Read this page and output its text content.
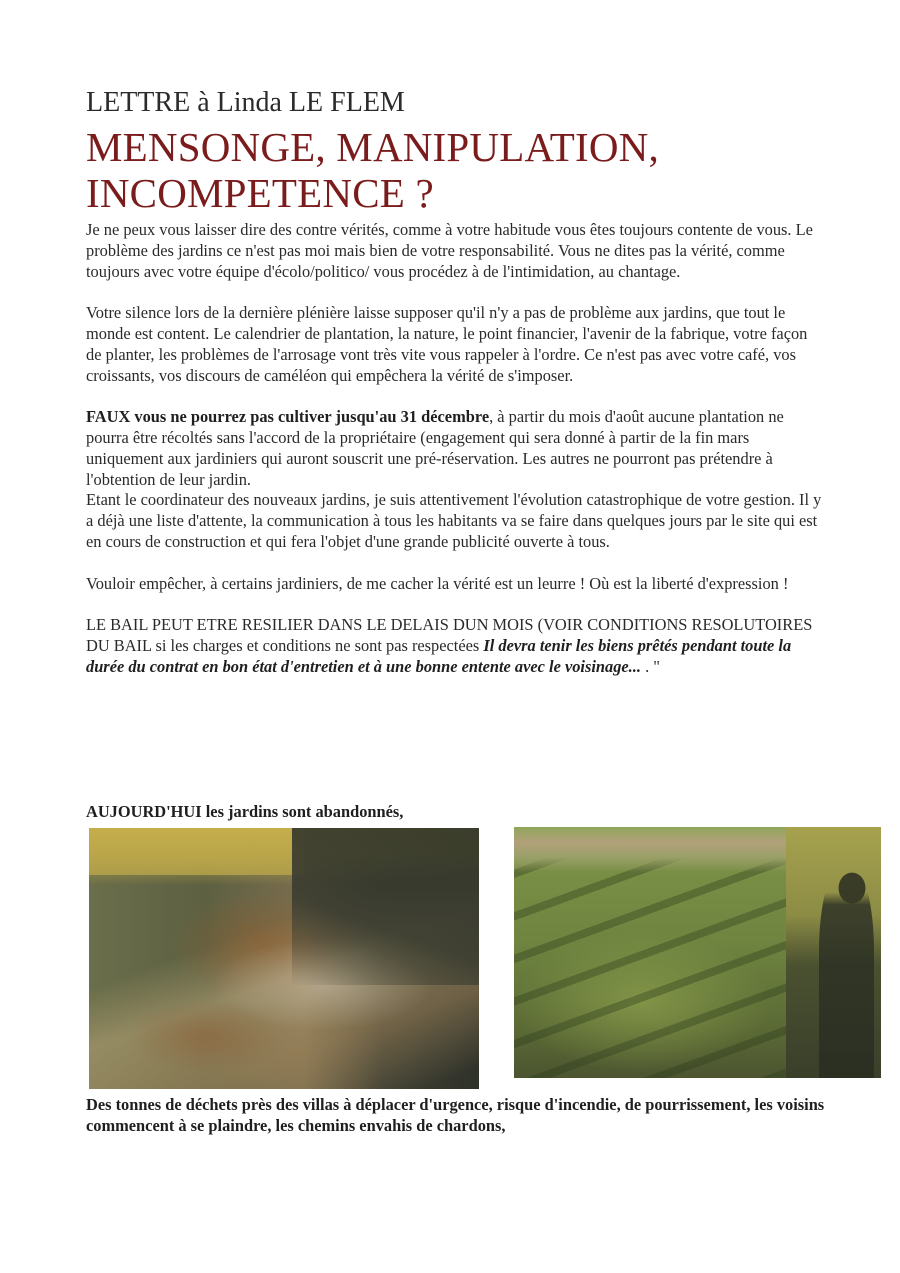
LETTRE à Linda LE FLEM
MENSONGE, MANIPULATION,
INCOMPETENCE ?

Je ne peux vous laisser dire des contre vérités, comme à votre habitude vous êtes toujours contente de vous. Le problème des jardins ce n'est pas moi mais bien de votre responsabilité. Vous ne dites pas la vérité, comme toujours avec votre équipe d'écolo/politico/ vous procédez à de l'intimidation, au chantage.

Votre silence lors de la dernière plénière laisse supposer qu'il n'y a pas de problème aux jardins, que tout le monde est content. Le calendrier de plantation, la nature, le point financier, l'avenir de la fabrique, votre façon de planter, les problèmes de l'arrosage vont très vite vous rappeler à l'ordre. Ce n'est pas avec votre café, vos croissants, vos discours de caméléon qui empêchera la vérité de s'imposer.

FAUX vous ne pourrez pas cultiver jusqu'au 31 décembre, à partir du mois d'août aucune plantation ne pourra être récoltés sans l'accord de la propriétaire (engagement qui sera donné à partir de la fin mars uniquement aux jardiniers qui auront souscrit une pré-réservation. Les autres ne pourront pas prétendre à l'obtention de leur jardin.

Etant le coordinateur des nouveaux jardins, je suis attentivement l'évolution catastrophique de votre gestion. Il y a déjà une liste d'attente, la communication à tous les habitants va se faire dans quelques jours par le site qui est en cours de construction et qui fera l'objet d'une grande publicité ouverte à tous.

Vouloir empêcher, à certains jardiniers, de me cacher la vérité est un leurre ! Où est la liberté d'expression !

LE BAIL PEUT ETRE RESILIER DANS LE DELAIS DUN MOIS (VOIR CONDITIONS RESOLUTOIRES DU BAIL si les charges et conditions ne sont pas respectées Il devra tenir les biens prêtés pendant toute la durée du contrat en bon état d'entretien et à une bonne entente avec le voisinage... . "

AUJOURD'HUI les jardins sont abandonnés,

Des tonnes de déchets près des villas à déplacer d'urgence, risque d'incendie, de pourrissement, les voisins commencent à se plaindre, les chemins envahis de chardons,
